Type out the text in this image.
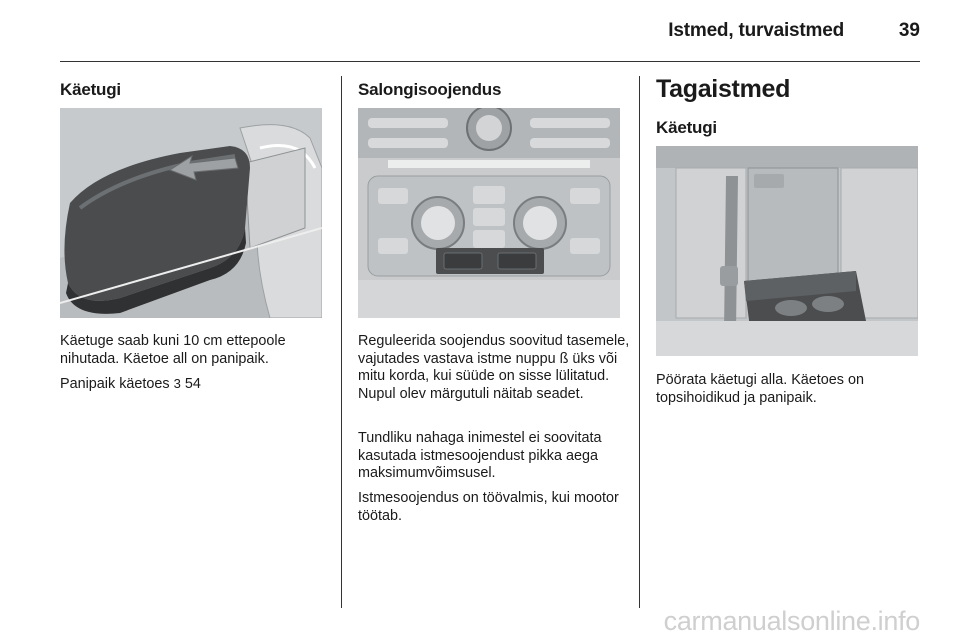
Istmed, turvaistmed	39
Käetugi

Käetuge saab kuni 10 cm ettepoole nihutada. Käetoe all on panipaik.

Panipaik käetoes 3 54

Salongisoojendus

Reguleerida soojendus soovitud tasemele, vajutades vastava istme nuppu ß üks või mitu korda, kui süüde on sisse lülitatud. Nupul olev märgutuli näitab seadet.

Tundliku nahaga inimestel ei soovitata kasutada istmesoojendust pikka aega maksimumvõimsusel.

Istmesoojendus on töövalmis, kui mootor töötab.

Tagaistmed
Käetugi

Pöörata käetugi alla. Käetoes on topsihoidikud ja panipaik.

carmanualsonline.info
